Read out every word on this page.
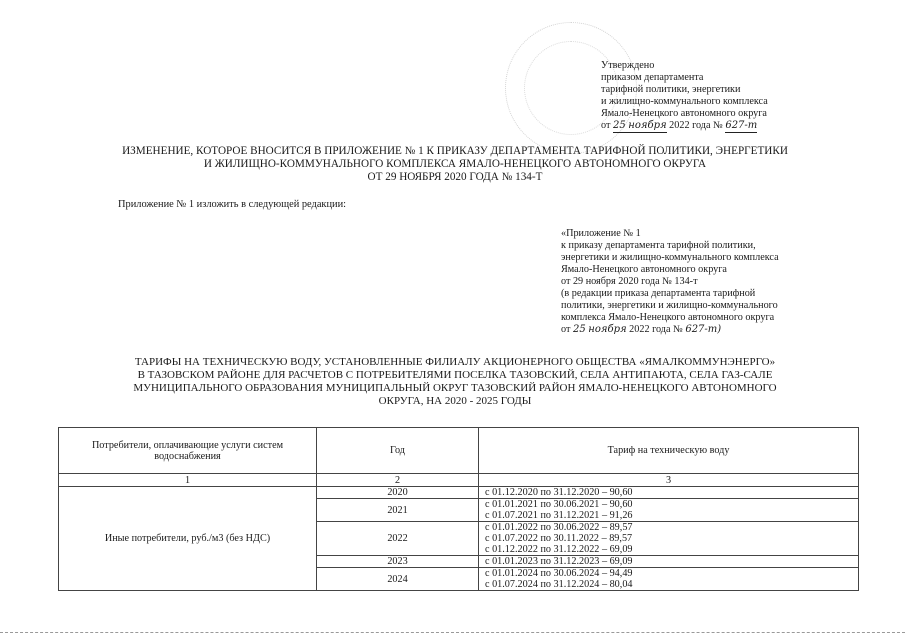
Утверждено
приказом департамента
тарифной политики, энергетики
и жилищно-коммунального комплекса
Ямало-Ненецкого автономного округа
от 25 ноября 2022 года № 627-т
ИЗМЕНЕНИЕ, КОТОРОЕ ВНОСИТСЯ В ПРИЛОЖЕНИЕ № 1 К ПРИКАЗУ ДЕПАРТАМЕНТА ТАРИФНОЙ ПОЛИТИКИ, ЭНЕРГЕТИКИ
И ЖИЛИЩНО-КОММУНАЛЬНОГО КОМПЛЕКСА ЯМАЛО-НЕНЕЦКОГО АВТОНОМНОГО ОКРУГА
ОТ 29 НОЯБРЯ 2020 ГОДА № 134-Т
Приложение № 1 изложить в следующей редакции:
«Приложение № 1
к приказу департамента тарифной политики,
энергетики и жилищно-коммунального комплекса
Ямало-Ненецкого автономного округа
от 29 ноября 2020 года № 134-т
(в редакции приказа департамента тарифной
политики, энергетики и жилищно-коммунального
комплекса Ямало-Ненецкого автономного округа
от 25 ноября 2022 года № 627-т)
ТАРИФЫ НА ТЕХНИЧЕСКУЮ ВОДУ, УСТАНОВЛЕННЫЕ ФИЛИАЛУ АКЦИОНЕРНОГО ОБЩЕСТВА «ЯМАЛКОММУНЭНЕРГО»
В ТАЗОВСКОМ РАЙОНЕ ДЛЯ РАСЧЕТОВ С ПОТРЕБИТЕЛЯМИ ПОСЕЛКА ТАЗОВСКИЙ, СЕЛА АНТИПАЮТА, СЕЛА ГАЗ-САЛЕ
МУНИЦИПАЛЬНОГО ОБРАЗОВАНИЯ МУНИЦИПАЛЬНЫЙ ОКРУГ ТАЗОВСКИЙ РАЙОН ЯМАЛО-НЕНЕЦКОГО АВТОНОМНОГО
ОКРУГА, НА 2020 - 2025 ГОДЫ
Потребители, оплачивающие услуги систем водоснабжения	Год	Тариф на техническую воду
1	2	3
Иные потребители, руб./м3 (без НДС)	2020	с 01.12.2020 по 31.12.2020 – 90,60

	2021	с 01.01.2021 по 30.06.2021 – 90,60
с 01.07.2021 по 31.12.2021 – 91,26

	2022	с 01.01.2022 по 30.06.2022 – 89,57
с 01.07.2022 по 30.11.2022 – 89,57
с 01.12.2022 по 31.12.2022 – 69,09

	2023	с 01.01.2023 по 31.12.2023 – 69,09

	2024	с 01.01.2024 по 30.06.2024 – 94,49
с 01.07.2024 по 31.12.2024 – 80,04
